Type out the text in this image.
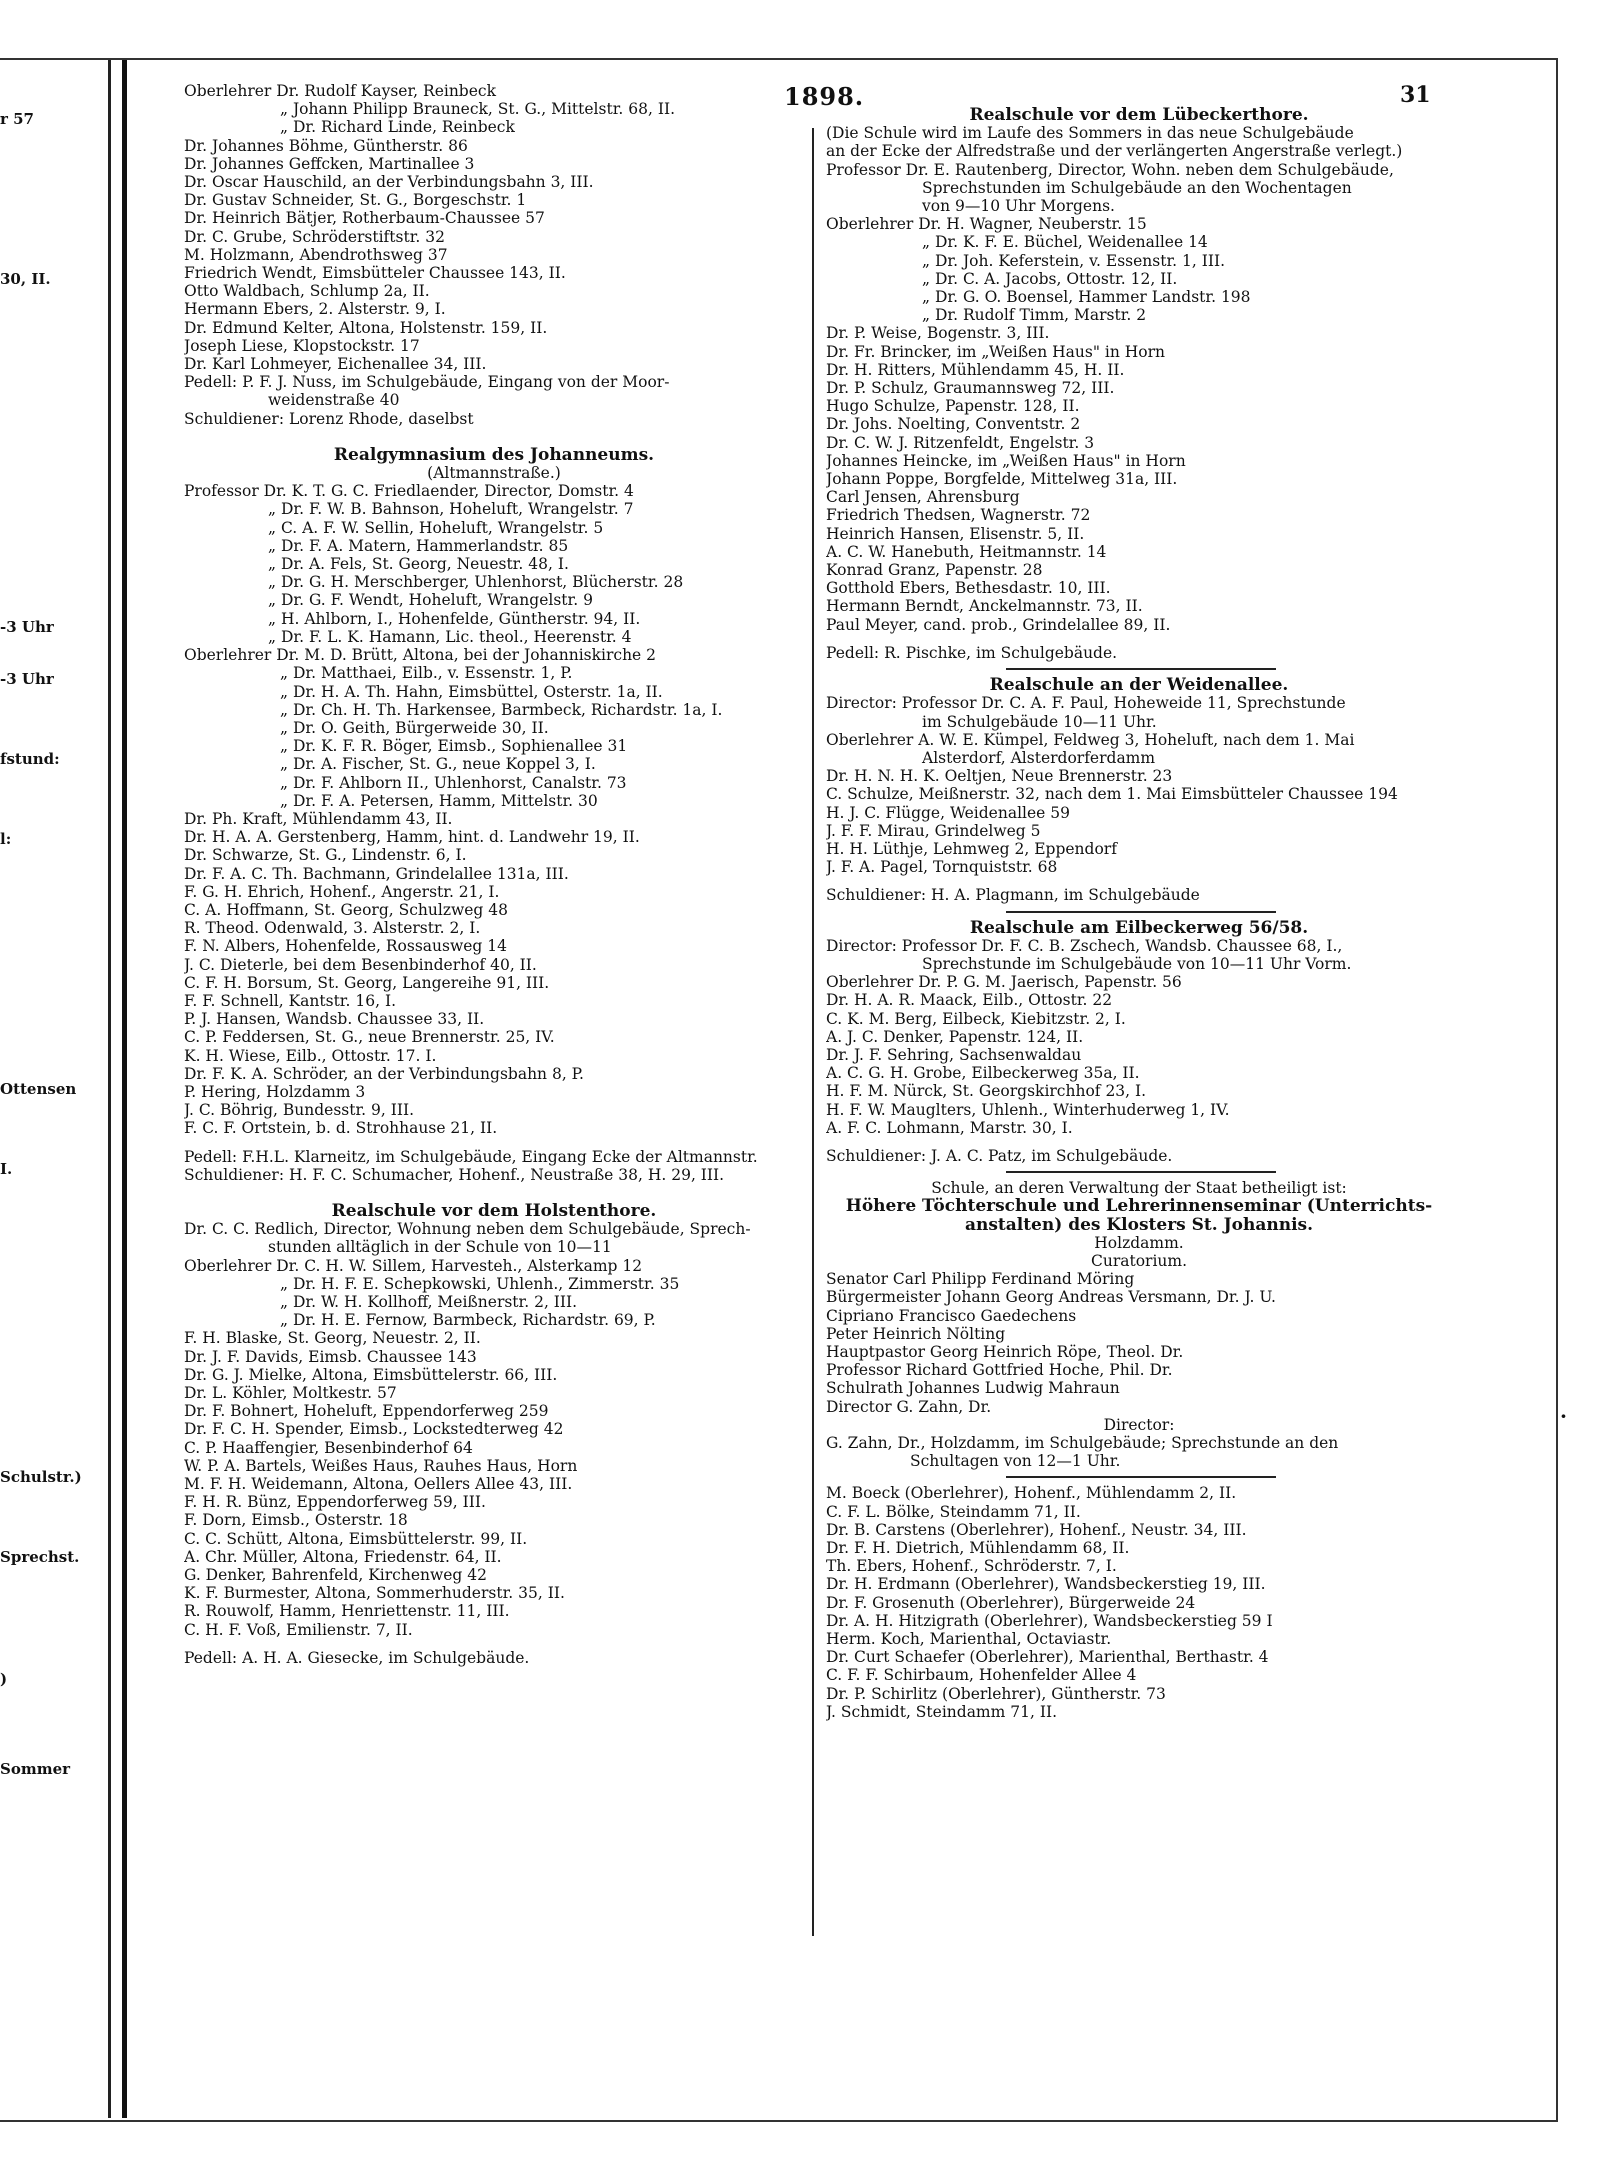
r 57
30, II.
-3 Uhr
-3 Uhr
fstund:
l:
Ottensen
I.
Schulstr.)
Sprechst.
)
Sommer
1898.	31
Oberlehrer Dr. Rudolf Kayser, Reinbeck
„ Johann Philipp Brauneck, St. G., Mittelstr. 68, II.
„ Dr. Richard Linde, Reinbeck
Dr. Johannes Böhme, Güntherstr. 86
Dr. Johannes Geffcken, Martinallee 3
Dr. Oscar Hauschild, an der Verbindungsbahn 3, III.
Dr. Gustav Schneider, St. G., Borgeschstr. 1
Dr. Heinrich Bätjer, Rotherbaum-Chaussee 57
Dr. C. Grube, Schröderstiftstr. 32
M. Holzmann, Abendrothsweg 37
Friedrich Wendt, Eimsbütteler Chaussee 143, II.
Otto Waldbach, Schlump 2a, II.
Hermann Ebers, 2. Alsterstr. 9, I.
Dr. Edmund Kelter, Altona, Holstenstr. 159, II.
Joseph Liese, Klopstockstr. 17
Dr. Karl Lohmeyer, Eichenallee 34, III.
Pedell: P. F. J. Nuss, im Schulgebäude, Eingang von der Moor-
weidenstraße 40
Schuldiener: Lorenz Rhode, daselbst
Realgymnasium des Johanneums.
(Altmannstraße.)
Professor Dr. K. T. G. C. Friedlaender, Director, Domstr. 4
„ Dr. F. W. B. Bahnson, Hoheluft, Wrangelstr. 7
„ C. A. F. W. Sellin, Hoheluft, Wrangelstr. 5
„ Dr. F. A. Matern, Hammerlandstr. 85
„ Dr. A. Fels, St. Georg, Neuestr. 48, I.
„ Dr. G. H. Merschberger, Uhlenhorst, Blücherstr. 28
„ Dr. G. F. Wendt, Hoheluft, Wrangelstr. 9
„ H. Ahlborn, I., Hohenfelde, Güntherstr. 94, II.
„ Dr. F. L. K. Hamann, Lic. theol., Heerenstr. 4
Oberlehrer Dr. M. D. Brütt, Altona, bei der Johanniskirche 2
„ Dr. Matthaei, Eilb., v. Essenstr. 1, P.
„ Dr. H. A. Th. Hahn, Eimsbüttel, Osterstr. 1a, II.
„ Dr. Ch. H. Th. Harkensee, Barmbeck, Richardstr. 1a, I.
„ Dr. O. Geith, Bürgerweide 30, II.
„ Dr. K. F. R. Böger, Eimsb., Sophienallee 31
„ Dr. A. Fischer, St. G., neue Koppel 3, I.
„ Dr. F. Ahlborn II., Uhlenhorst, Canalstr. 73
„ Dr. F. A. Petersen, Hamm, Mittelstr. 30
Dr. Ph. Kraft, Mühlendamm 43, II.
Dr. H. A. A. Gerstenberg, Hamm, hint. d. Landwehr 19, II.
Dr. Schwarze, St. G., Lindenstr. 6, I.
Dr. F. A. C. Th. Bachmann, Grindelallee 131a, III.
F. G. H. Ehrich, Hohenf., Angerstr. 21, I.
C. A. Hoffmann, St. Georg, Schulzweg 48
R. Theod. Odenwald, 3. Alsterstr. 2, I.
F. N. Albers, Hohenfelde, Rossausweg 14
J. C. Dieterle, bei dem Besenbinderhof 40, II.
C. F. H. Borsum, St. Georg, Langereihe 91, III.
F. F. Schnell, Kantstr. 16, I.
P. J. Hansen, Wandsb. Chaussee 33, II.
C. P. Feddersen, St. G., neue Brennerstr. 25, IV.
K. H. Wiese, Eilb., Ottostr. 17. I.
Dr. F. K. A. Schröder, an der Verbindungsbahn 8, P.
P. Hering, Holzdamm 3
J. C. Böhrig, Bundesstr. 9, III.
F. C. F. Ortstein, b. d. Strohhause 21, II.
Pedell: F.H.L. Klarneitz, im Schulgebäude, Eingang Ecke der Altmannstr.
Schuldiener: H. F. C. Schumacher, Hohenf., Neustraße 38, H. 29, III.
Realschule vor dem Holstenthore.
Dr. C. C. Redlich, Director, Wohnung neben dem Schulgebäude, Sprech-
stunden alltäglich in der Schule von 10—11
Oberlehrer Dr. C. H. W. Sillem, Harvesteh., Alsterkamp 12
„ Dr. H. F. E. Schepkowski, Uhlenh., Zimmerstr. 35
„ Dr. W. H. Kollhoff, Meißnerstr. 2, III.
„ Dr. H. E. Fernow, Barmbeck, Richardstr. 69, P.
F. H. Blaske, St. Georg, Neuestr. 2, II.
Dr. J. F. Davids, Eimsb. Chaussee 143
Dr. G. J. Mielke, Altona, Eimsbüttelerstr. 66, III.
Dr. L. Köhler, Moltkestr. 57
Dr. F. Bohnert, Hoheluft, Eppendorferweg 259
Dr. F. C. H. Spender, Eimsb., Lockstedterweg 42
C. P. Haaffengier, Besenbinderhof 64
W. P. A. Bartels, Weißes Haus, Rauhes Haus, Horn
M. F. H. Weidemann, Altona, Oellers Allee 43, III.
F. H. R. Bünz, Eppendorferweg 59, III.
F. Dorn, Eimsb., Osterstr. 18
C. C. Schütt, Altona, Eimsbüttelerstr. 99, II.
A. Chr. Müller, Altona, Friedenstr. 64, II.
G. Denker, Bahrenfeld, Kirchenweg 42
K. F. Burmester, Altona, Sommerhuderstr. 35, II.
R. Rouwolf, Hamm, Henriettenstr. 11, III.
C. H. F. Voß, Emilienstr. 7, II.
Pedell: A. H. A. Giesecke, im Schulgebäude.
Realschule vor dem Lübeckerthore.
(Die Schule wird im Laufe des Sommers in das neue Schulgebäude
an der Ecke der Alfredstraße und der verlängerten Angerstraße verlegt.)
Professor Dr. E. Rautenberg, Director, Wohn. neben dem Schulgebäude,
Sprechstunden im Schulgebäude an den Wochentagen
von 9—10 Uhr Morgens.
Oberlehrer Dr. H. Wagner, Neuberstr. 15
„ Dr. K. F. E. Büchel, Weidenallee 14
„ Dr. Joh. Keferstein, v. Essenstr. 1, III.
„ Dr. C. A. Jacobs, Ottostr. 12, II.
„ Dr. G. O. Boensel, Hammer Landstr. 198
„ Dr. Rudolf Timm, Marstr. 2
Dr. P. Weise, Bogenstr. 3, III.
Dr. Fr. Brincker, im „Weißen Haus" in Horn
Dr. H. Ritters, Mühlendamm 45, H. II.
Dr. P. Schulz, Graumannsweg 72, III.
Hugo Schulze, Papenstr. 128, II.
Dr. Johs. Noelting, Conventstr. 2
Dr. C. W. J. Ritzenfeldt, Engelstr. 3
Johannes Heincke, im „Weißen Haus" in Horn
Johann Poppe, Borgfelde, Mittelweg 31a, III.
Carl Jensen, Ahrensburg
Friedrich Thedsen, Wagnerstr. 72
Heinrich Hansen, Elisenstr. 5, II.
A. C. W. Hanebuth, Heitmannstr. 14
Konrad Granz, Papenstr. 28
Gotthold Ebers, Bethesdastr. 10, III.
Hermann Berndt, Anckelmannstr. 73, II.
Paul Meyer, cand. prob., Grindelallee 89, II.
Pedell: R. Pischke, im Schulgebäude.
Realschule an der Weidenallee.
Director: Professor Dr. C. A. F. Paul, Hoheweide 11, Sprechstunde
im Schulgebäude 10—11 Uhr.
Oberlehrer A. W. E. Kümpel, Feldweg 3, Hoheluft, nach dem 1. Mai
Alsterdorf, Alsterdorferdamm
Dr. H. N. H. K. Oeltjen, Neue Brennerstr. 23
C. Schulze, Meißnerstr. 32, nach dem 1. Mai Eimsbütteler Chaussee 194
H. J. C. Flügge, Weidenallee 59
J. F. F. Mirau, Grindelweg 5
H. H. Lüthje, Lehmweg 2, Eppendorf
J. F. A. Pagel, Tornquiststr. 68
Schuldiener: H. A. Plagmann, im Schulgebäude
Realschule am Eilbeckerweg 56/58.
Director: Professor Dr. F. C. B. Zschech, Wandsb. Chaussee 68, I.,
Sprechstunde im Schulgebäude von 10—11 Uhr Vorm.
Oberlehrer Dr. P. G. M. Jaerisch, Papenstr. 56
Dr. H. A. R. Maack, Eilb., Ottostr. 22
C. K. M. Berg, Eilbeck, Kiebitzstr. 2, I.
A. J. C. Denker, Papenstr. 124, II.
Dr. J. F. Sehring, Sachsenwaldau
A. C. G. H. Grobe, Eilbeckerweg 35a, II.
H. F. M. Nürck, St. Georgskirchhof 23, I.
H. F. W. Mauglters, Uhlenh., Winterhuderweg 1, IV.
A. F. C. Lohmann, Marstr. 30, I.
Schuldiener: J. A. C. Patz, im Schulgebäude.
Schule, an deren Verwaltung der Staat betheiligt ist:
Höhere Töchterschule und Lehrerinnenseminar (Unterrichts-
anstalten) des Klosters St. Johannis.
Holzdamm.
Curatorium.
Senator Carl Philipp Ferdinand Möring
Bürgermeister Johann Georg Andreas Versmann, Dr. J. U.
Cipriano Francisco Gaedechens
Peter Heinrich Nölting
Hauptpastor Georg Heinrich Röpe, Theol. Dr.
Professor Richard Gottfried Hoche, Phil. Dr.
Schulrath Johannes Ludwig Mahraun
Director G. Zahn, Dr.
Director:
G. Zahn, Dr., Holzdamm, im Schulgebäude; Sprechstunde an den
Schultagen von 12—1 Uhr.
M. Boeck (Oberlehrer), Hohenf., Mühlendamm 2, II.
C. F. L. Bölke, Steindamm 71, II.
Dr. B. Carstens (Oberlehrer), Hohenf., Neustr. 34, III.
Dr. F. H. Dietrich, Mühlendamm 68, II.
Th. Ebers, Hohenf., Schröderstr. 7, I.
Dr. H. Erdmann (Oberlehrer), Wandsbeckerstieg 19, III.
Dr. F. Grosenuth (Oberlehrer), Bürgerweide 24
Dr. A. H. Hitzigrath (Oberlehrer), Wandsbeckerstieg 59 I
Herm. Koch, Marienthal, Octaviastr.
Dr. Curt Schaefer (Oberlehrer), Marienthal, Berthastr. 4
C. F. F. Schirbaum, Hohenfelder Allee 4
Dr. P. Schirlitz (Oberlehrer), Güntherstr. 73
J. Schmidt, Steindamm 71, II.
·
